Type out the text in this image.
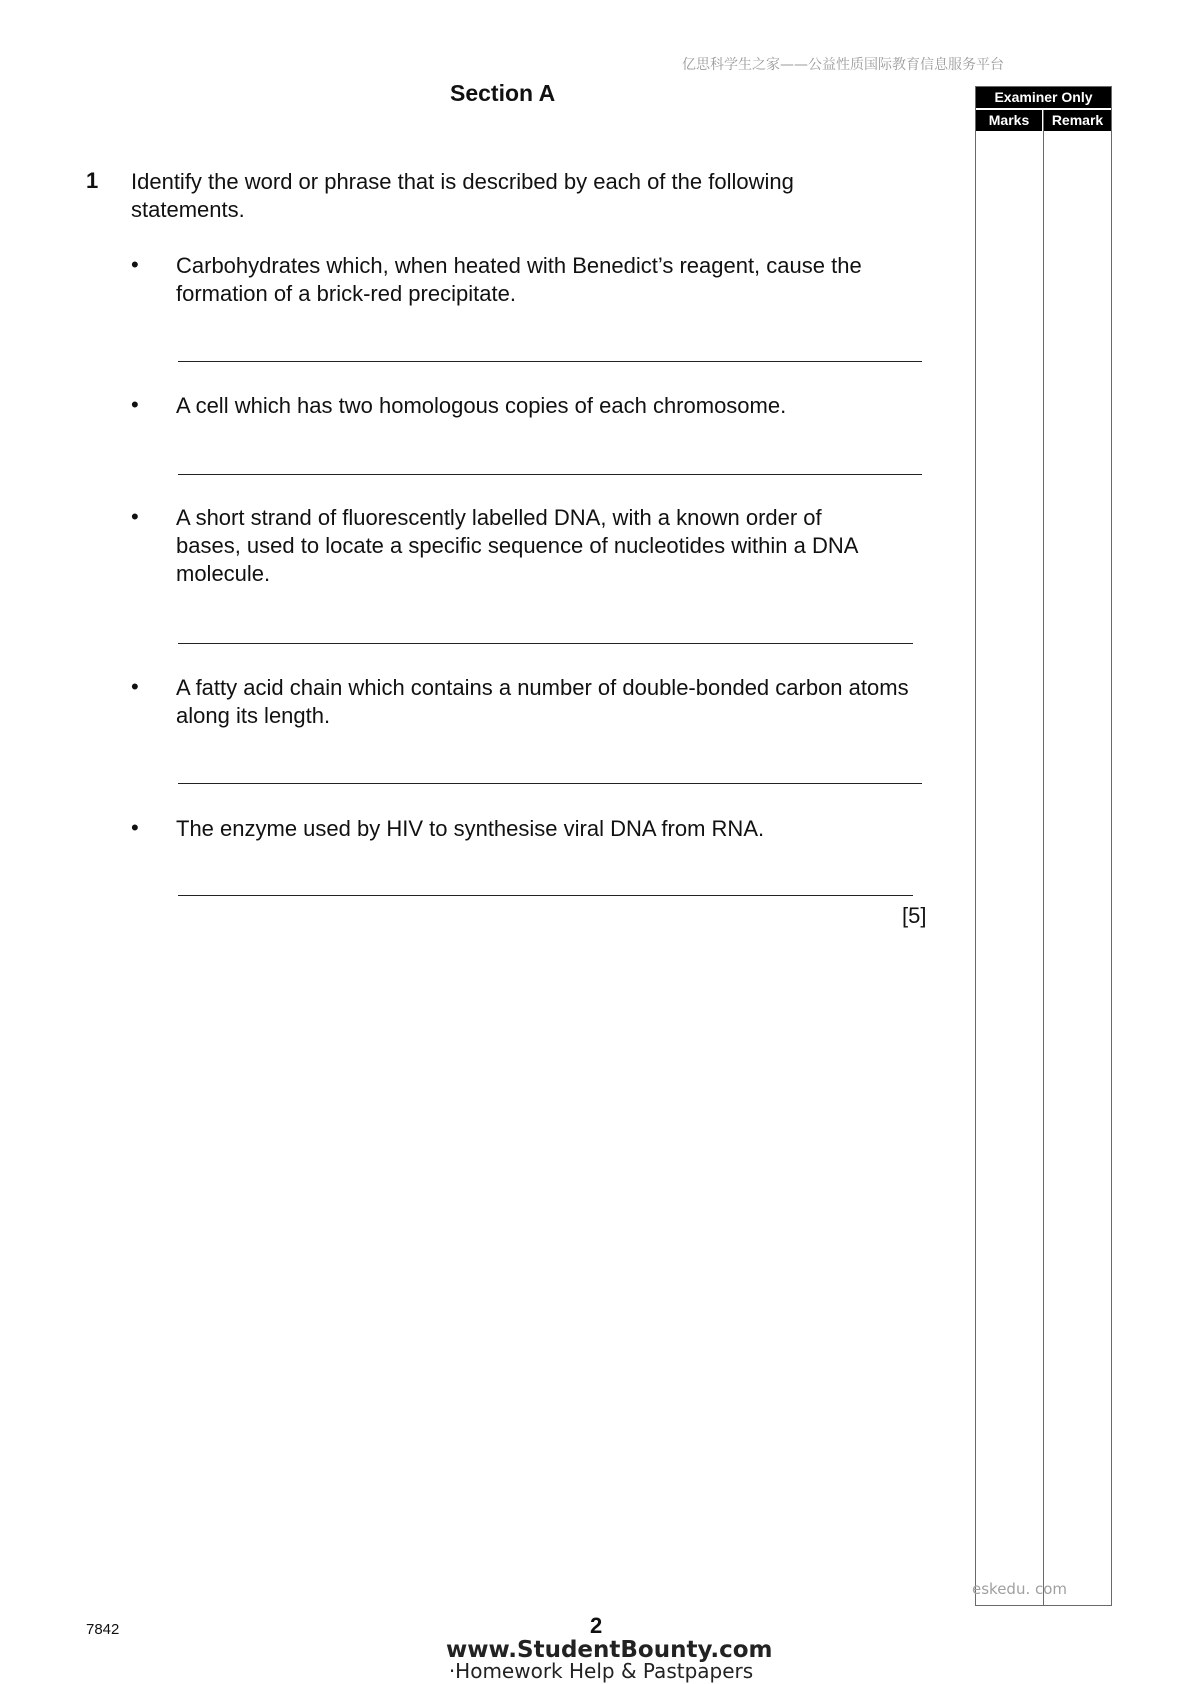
亿思科学生之家——公益性质国际教育信息服务平台
Section A	Examiner Only
Marks	Remark
1 Identify the word or phrase that is described by each of the following statements.
• Carbohydrates which, when heated with Benedict’s reagent, cause the formation of a brick-red precipitate.
• A cell which has two homologous copies of each chromosome.
• A short strand of fluorescently labelled DNA, with a known order of bases, used to locate a specific sequence of nucleotides within a DNA molecule.
• A fatty acid chain which contains a number of double-bonded carbon atoms along its length.
• The enzyme used by HIV to synthesise viral DNA from RNA.
[5]
eskedu. com
7842	2
www.StudentBounty.com
·Homework Help & Pastpapers
